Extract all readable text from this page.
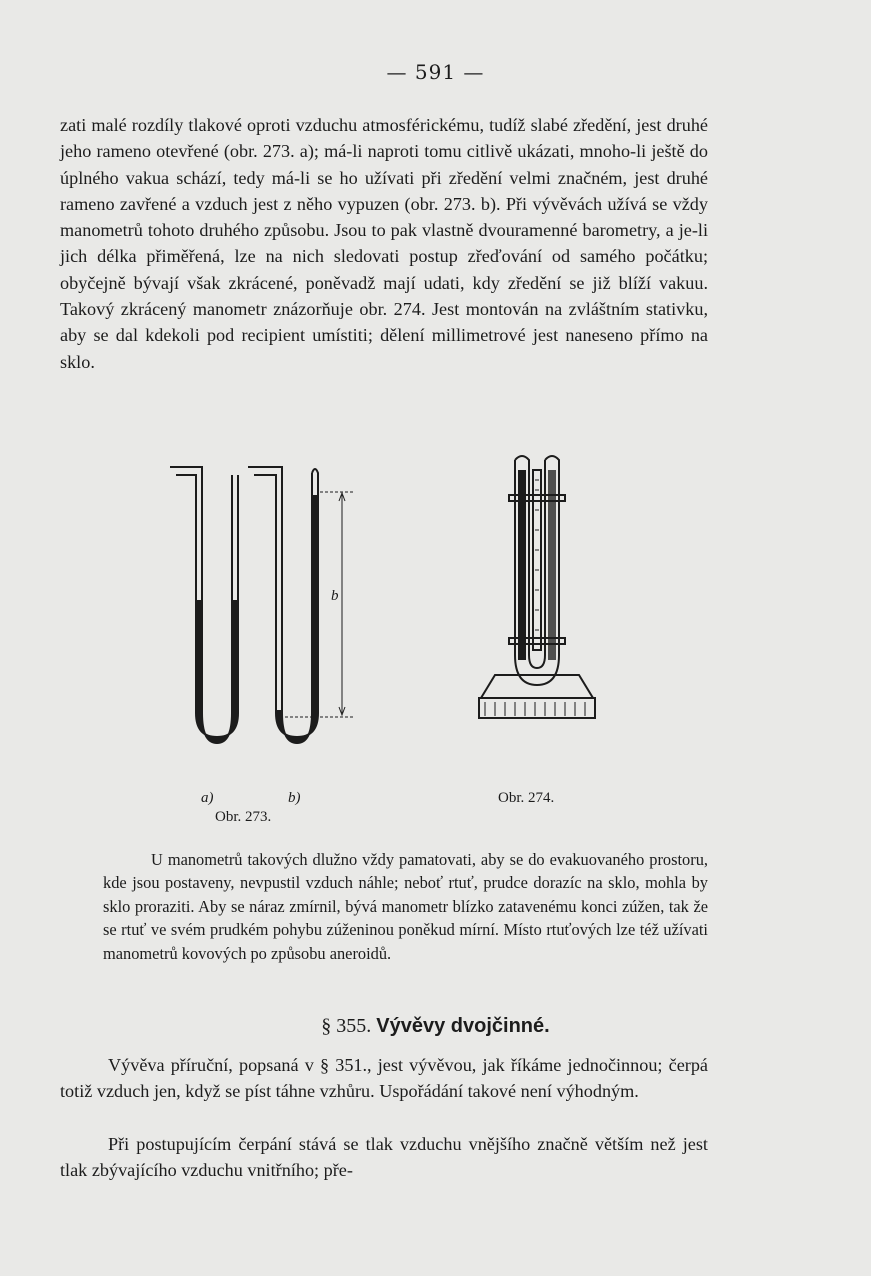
— 591 —

zati malé rozdíly tlakové oproti vzduchu atmosférickému, tudíž slabé zředění, jest druhé jeho rameno otevřené (obr. 273. a); má-li naproti tomu citlivě ukázati, mnoho-li ještě do úplného vakua schází, tedy má-li se ho užívati při zředění velmi značném, jest druhé rameno zavřené a vzduch jest z něho vypuzen (obr. 273. b). Při vývěvách užívá se vždy manometrů tohoto druhého způsobu. Jsou to pak vlastně dvouramenné barometry, a je-li jich délka přiměřená, lze na nich sledovati postup zřeďování od samého počátku; obyčejně bývají však zkrácené, poněvadž mají udati, kdy zředění se již blíží vakuu. Takový zkrácený manometr znázorňuje obr. 274. Jest montován na zvláštním stativku, aby se dal kdekoli pod recipient umístiti; dělení millimetrové jest naneseno přímo na sklo.

b
a)	b)
Obr. 273.
Obr. 274.

U manometrů takových dlužno vždy pamatovati, aby se do evakuovaného prostoru, kde jsou postaveny, nevpustil vzduch náhle; neboť rtuť, prudce dorazíc na sklo, mohla by sklo proraziti. Aby se náraz zmírnil, bývá manometr blízko zatavenému konci zúžen, tak že se rtuť ve svém prudkém pohybu zúženinou poněkud mírní. Místo rtuťových lze též užívati manometrů kovových po způsobu aneroidů.

§ 355. Vývěvy dvojčinné.

Vývěva příruční, popsaná v § 351., jest vývěvou, jak říkáme jednočinnou; čerpá totiž vzduch jen, když se píst táhne vzhůru. Uspořádání takové není výhodným.

Při postupujícím čerpání stává se tlak vzduchu vnějšího značně větším než jest tlak zbývajícího vzduchu vnitřního; pře-
